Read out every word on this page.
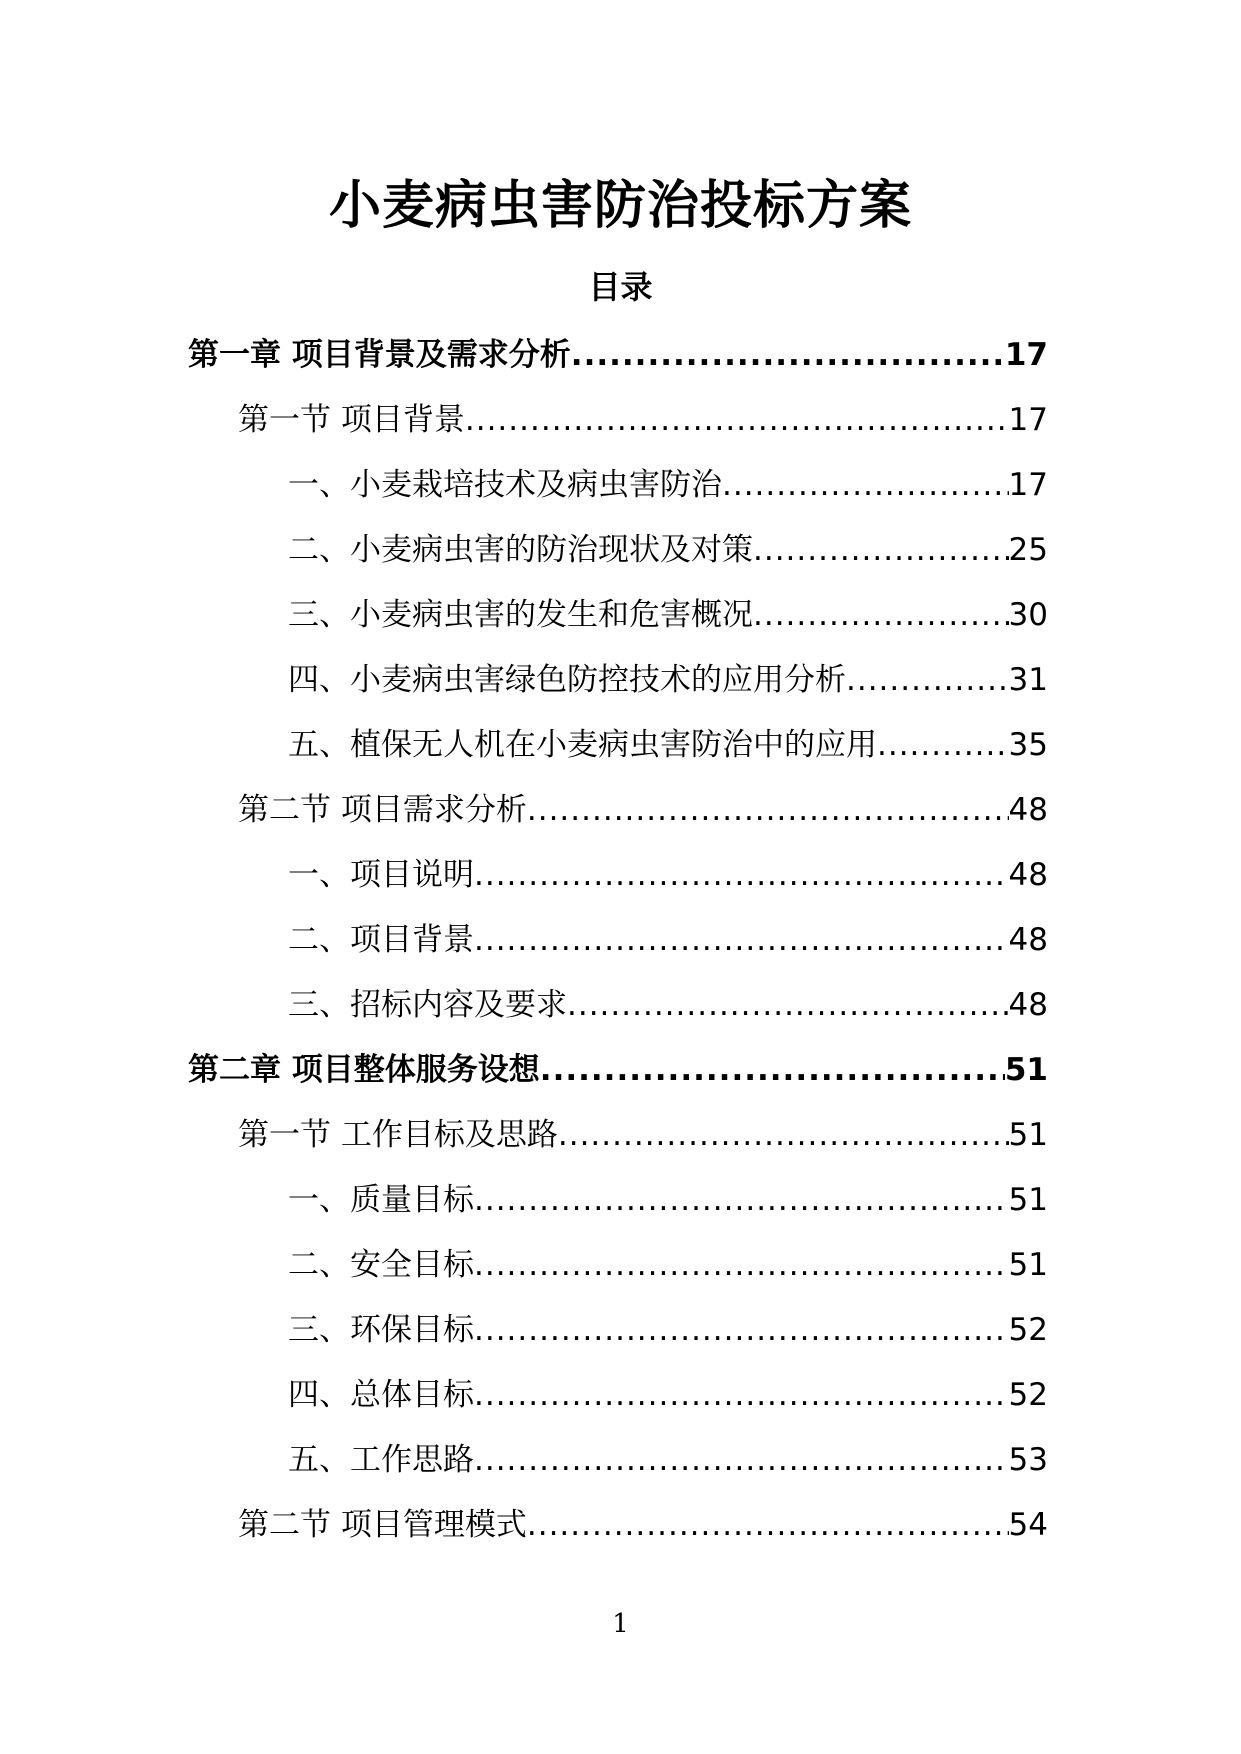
小麦病虫害防治投标方案
目录
第一章 项目背景及需求分析 .....	17
第一节 项目背景 .....	17
一、小麦栽培技术及病虫害防治 .....	17
二、小麦病虫害的防治现状及对策 .....	25
三、小麦病虫害的发生和危害概况 .....	30
四、小麦病虫害绿色防控技术的应用分析 .....	31
五、植保无人机在小麦病虫害防治中的应用 .....	35
第二节 项目需求分析 .....	48
一、项目说明 .....	48
二、项目背景 .....	48
三、招标内容及要求 .....	48
第二章 项目整体服务设想 .....	51
第一节 工作目标及思路 .....	51
一、质量目标 .....	51
二、安全目标 .....	51
三、环保目标 .....	52
四、总体目标 .....	52
五、工作思路 .....	53
第二节 项目管理模式 .....	54
1
